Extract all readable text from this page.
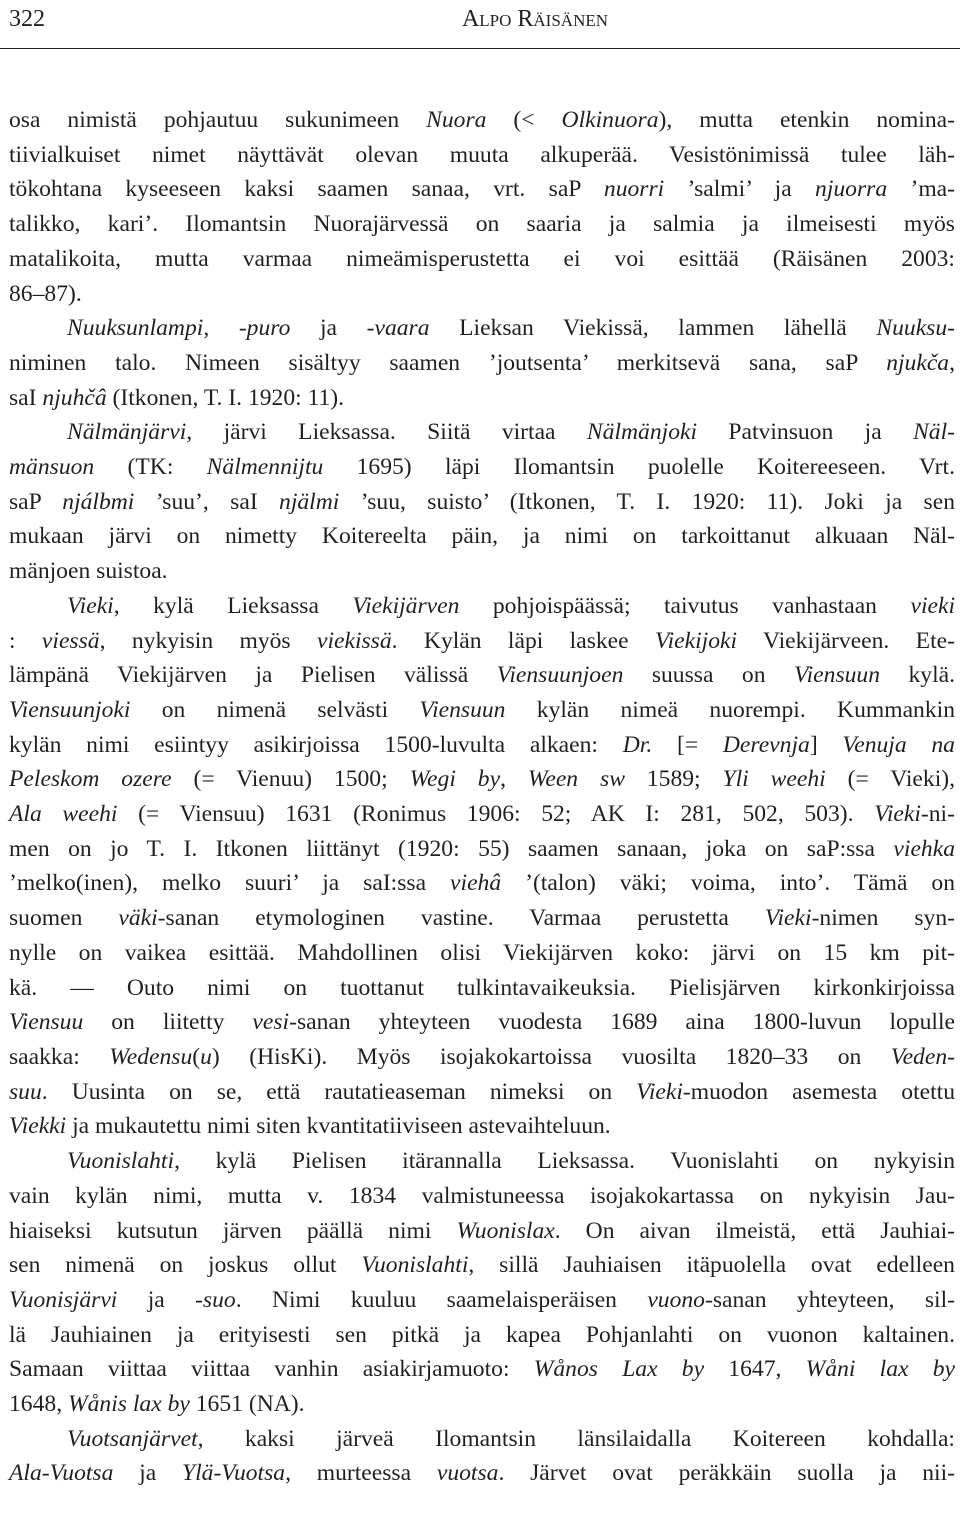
322	Alpo Räisänen
osa nimistä pohjautuu sukunimeen Nuora (< Olkinuora), mutta etenkin nomina-
tiivialkuiset nimet näyttävät olevan muuta alkuperää. Vesistönimissä tulee läh-
tökohtana kyseeseen kaksi saamen sanaa, vrt. saP nuorri ’salmi’ ja njuorra ’ma-
talikko, kari’. Ilomantsin Nuorajärvessä on saaria ja salmia ja ilmeisesti myös
matalikoita, mutta varmaa nimeämisperustetta ei voi esittää (Räisänen 2003:
86–87).
Nuuksunlampi, -puro ja -vaara Lieksan Viekissä, lammen lähellä Nuuksu-
niminen talo. Nimeen sisältyy saamen ’joutsenta’ merkitsevä sana, saP njukča,
saI njuhčâ (Itkonen, T. I. 1920: 11).
Nälmänjärvi, järvi Lieksassa. Siitä virtaa Nälmänjoki Patvinsuon ja Näl-
mänsuon (TK: Nälmennijtu 1695) läpi Ilomantsin puolelle Koitereeseen. Vrt.
saP njálbmi ’suu’, saI njälmi ’suu, suisto’ (Itkonen, T. I. 1920: 11). Joki ja sen
mukaan järvi on nimetty Koitereelta päin, ja nimi on tarkoittanut alkuaan Näl-
mänjoen suistoa.
Vieki, kylä Lieksassa Viekijärven pohjoispäässä; taivutus vanhastaan vieki
: viessä, nykyisin myös viekissä. Kylän läpi laskee Viekijoki Viekijärveen. Ete-
lämpänä Viekijärven ja Pielisen välissä Viensuunjoen suussa on Viensuun kylä.
Viensuunjoki on nimenä selvästi Viensuun kylän nimeä nuorempi. Kummankin
kylän nimi esiintyy asikirjoissa 1500-luvulta alkaen: Dr. [= Derevnja] Venuja na
Peleskom ozere (= Vienuu) 1500; Wegi by, Ween sw 1589; Yli weehi (= Vieki),
Ala weehi (= Viensuu) 1631 (Ronimus 1906: 52; AK I: 281, 502, 503). Vieki-ni-
men on jo T. I. Itkonen liittänyt (1920: 55) saamen sanaan, joka on saP:ssa viehka
’melko(inen), melko suuri’ ja saI:ssa viehâ ’(talon) väki; voima, into’. Tämä on
suomen väki-sanan etymologinen vastine. Varmaa perustetta Vieki-nimen syn-
nylle on vaikea esittää. Mahdollinen olisi Viekijärven koko: järvi on 15 km pit-
kä. — Outo nimi on tuottanut tulkintavaikeuksia. Pielisjärven kirkonkirjoissa
Viensuu on liitetty vesi-sanan yhteyteen vuodesta 1689 aina 1800-luvun lopulle
saakka: Wedensu(u) (HisKi). Myös isojakokartoissa vuosilta 1820–33 on Veden-
suu. Uusinta on se, että rautatieaseman nimeksi on Vieki-muodon asemesta otettu
Viekki ja mukautettu nimi siten kvantitatiiviseen astevaihteluun.
Vuonislahti, kylä Pielisen itärannalla Lieksassa. Vuonislahti on nykyisin
vain kylän nimi, mutta v. 1834 valmistuneessa isojakokartassa on nykyisin Jau-
hiaiseksi kutsutun järven päällä nimi Wuonislax. On aivan ilmeistä, että Jauhiai-
sen nimenä on joskus ollut Vuonislahti, sillä Jauhiaisen itäpuolella ovat edelleen
Vuonisjärvi ja -suo. Nimi kuuluu saamelaisperäisen vuono-sanan yhteyteen, sil-
lä Jauhiainen ja erityisesti sen pitkä ja kapea Pohjanlahti on vuonon kaltainen.
Samaan viittaa viittaa vanhin asiakirjamuoto: Wånos Lax by 1647, Wåni lax by
1648, Wånis lax by 1651 (NA).
Vuotsanjärvet, kaksi järveä Ilomantsin länsilaidalla Koitereen kohdalla:
Ala-Vuotsa ja Ylä-Vuotsa, murteessa vuotsa. Järvet ovat peräkkäin suolla ja nii-
